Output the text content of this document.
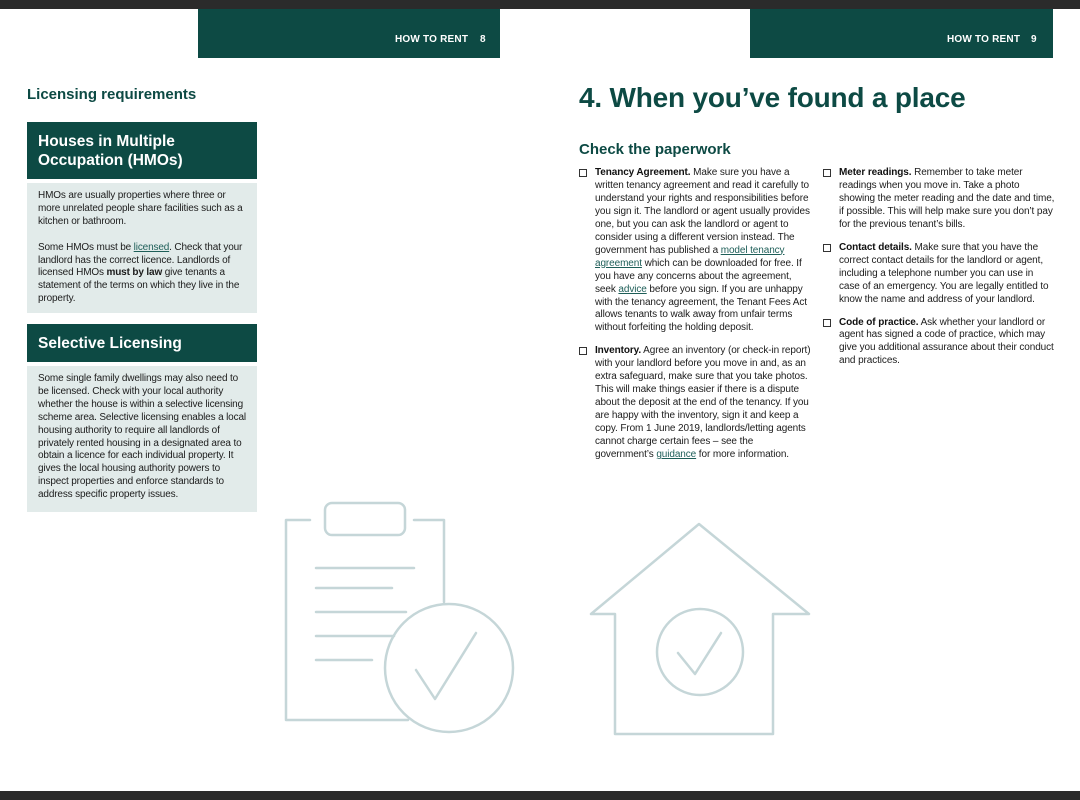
HOW TO RENT 8	HOW TO RENT 9
Licensing requirements
Houses in Multiple Occupation (HMOs)

HMOs are usually properties where three or more unrelated people share facilities such as a kitchen or bathroom.

Some HMOs must be licensed. Check that your landlord has the correct licence. Landlords of licensed HMOs must by law give tenants a statement of the terms on which they live in the property.

Selective Licensing

Some single family dwellings may also need to be licensed. Check with your local authority whether the house is within a selective licensing scheme area. Selective licensing enables a local housing authority to require all landlords of privately rented housing in a designated area to obtain a licence for each individual property. It gives the local housing authority powers to inspect properties and enforce standards to address specific property issues.

4. When you’ve found a place
Check the paperwork
Tenancy Agreement. Make sure you have a written tenancy agreement and read it carefully to understand your rights and responsibilities before you sign it. The landlord or agent usually provides one, but you can ask the landlord or agent to consider using a different version instead. The government has published a model tenancy agreement which can be downloaded for free. If you have any concerns about the agreement, seek advice before you sign. If you are unhappy with the tenancy agreement, the Tenant Fees Act allows tenants to walk away from unfair terms without forfeiting the holding deposit.
Inventory. Agree an inventory (or check-in report) with your landlord before you move in and, as an extra safeguard, make sure that you take photos. This will make things easier if there is a dispute about the deposit at the end of the tenancy. If you are happy with the inventory, sign it and keep a copy. From 1 June 2019, landlords/letting agents cannot charge certain fees – see the government’s guidance for more information.
Meter readings. Remember to take meter readings when you move in. Take a photo showing the meter reading and the date and time, if possible. This will help make sure you don’t pay for the previous tenant’s bills.
Contact details. Make sure that you have the correct contact details for the landlord or agent, including a telephone number you can use in case of an emergency. You are legally entitled to know the name and address of your landlord.
Code of practice. Ask whether your landlord or agent has signed a code of practice, which may give you additional assurance about their conduct and practices.
